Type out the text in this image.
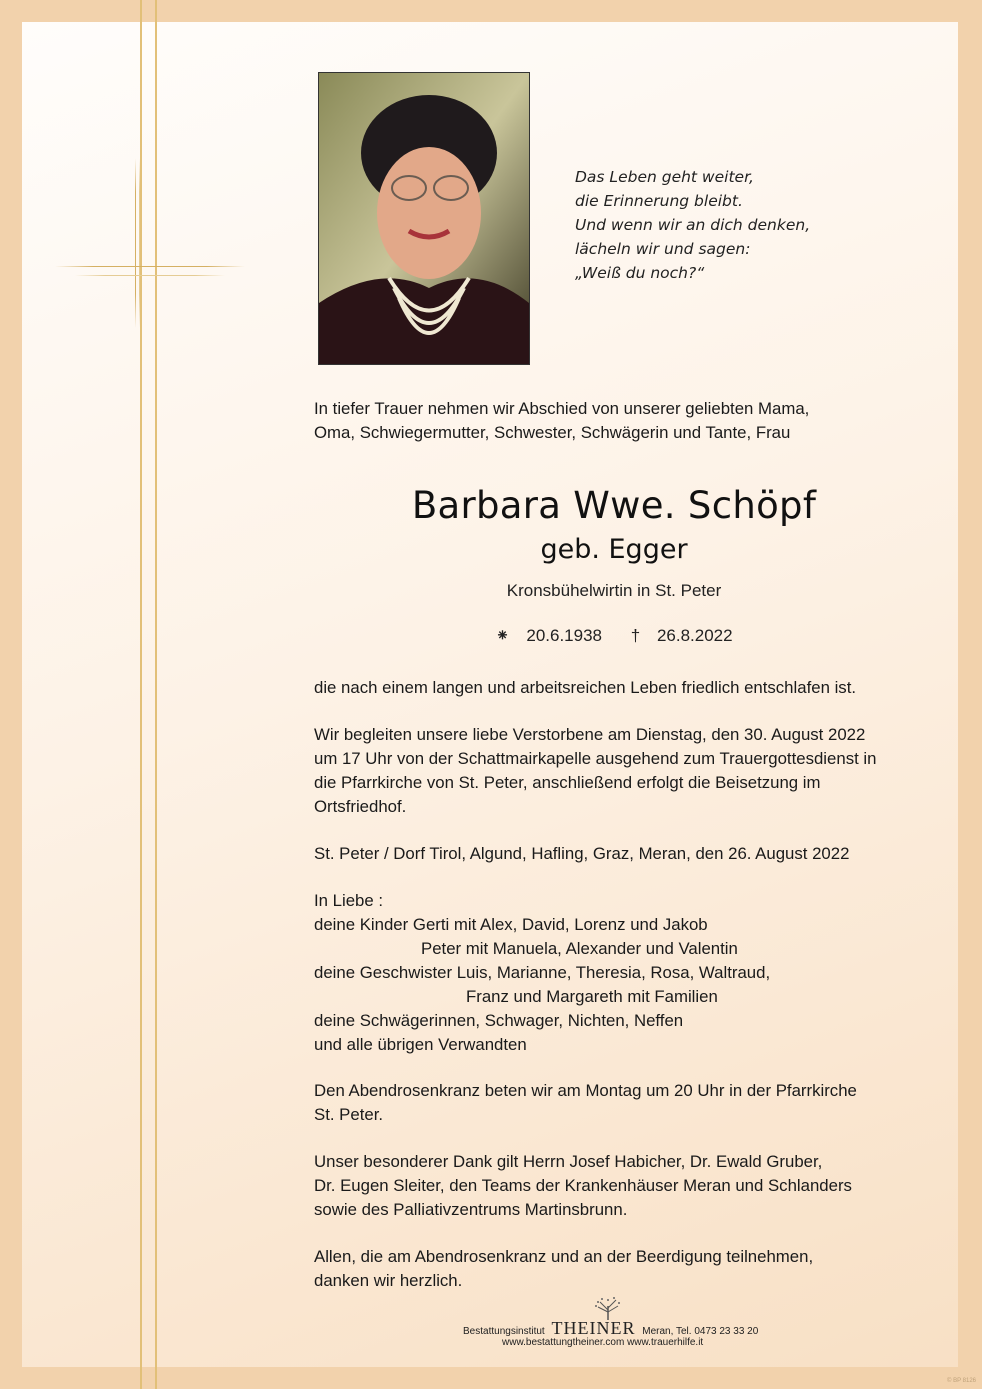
Das Leben geht weiter,
die Erinnerung bleibt.
Und wenn wir an dich denken,
lächeln wir und sagen:
„Weiß du noch?“
In tiefer Trauer nehmen wir Abschied von unserer geliebten Mama,
Oma, Schwiegermutter, Schwester, Schwägerin und Tante, Frau
Barbara Wwe. Schöpf
geb. Egger
Kronsbühelwirtin in St. Peter
⁕ 20.6.1938 † 26.8.2022
die nach einem langen und arbeitsreichen Leben friedlich entschlafen ist.
Wir begleiten unsere liebe Verstorbene am Dienstag, den 30. August 2022
um 17 Uhr von der Schattmairkapelle ausgehend zum Trauergottesdienst in
die Pfarrkirche von St. Peter, anschließend erfolgt die Beisetzung im
Ortsfriedhof.
St. Peter / Dorf Tirol, Algund, Hafling, Graz, Meran, den 26. August 2022
In Liebe :
deine Kinder Gerti mit Alex, David, Lorenz und Jakob
Peter mit Manuela, Alexander und Valentin
deine Geschwister Luis, Marianne, Theresia, Rosa, Waltraud,
Franz und Margareth mit Familien
deine Schwägerinnen, Schwager, Nichten, Neffen
und alle übrigen Verwandten
Den Abendrosenkranz beten wir am Montag um 20 Uhr in der Pfarrkirche
St. Peter.
Unser besonderer Dank gilt Herrn Josef Habicher, Dr. Ewald Gruber,
Dr. Eugen Sleiter, den Teams der Krankenhäuser Meran und Schlanders
sowie des Palliativzentrums Martinsbrunn.
Allen, die am Abendrosenkranz und an der Beerdigung teilnehmen,
danken wir herzlich.
Bestattungsinstitut THEINER Meran, Tel. 0473 23 33 20
www.bestattungtheiner.com www.trauerhilfe.it
© BP 8126
